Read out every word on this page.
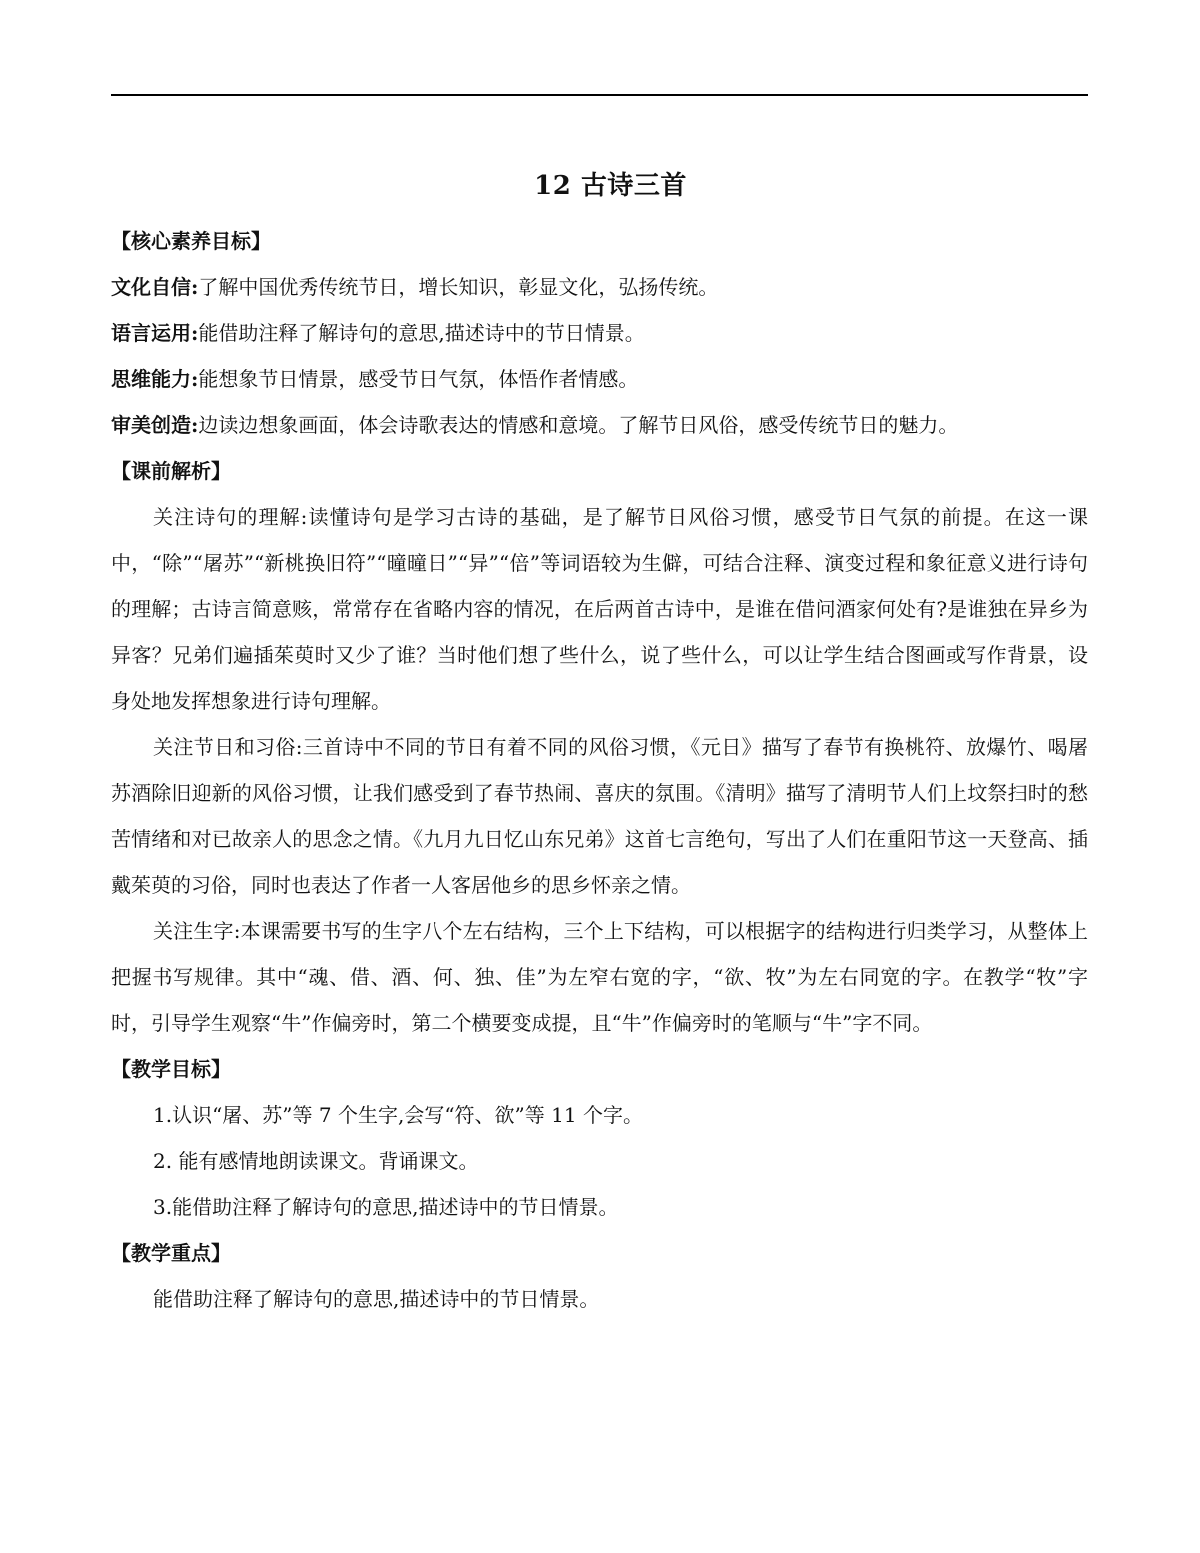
12 古诗三首
【核心素养目标】
文化自信:了解中国优秀传统节日，增长知识，彰显文化，弘扬传统。
语言运用:能借助注释了解诗句的意思,描述诗中的节日情景。
思维能力:能想象节日情景，感受节日气氛，体悟作者情感。
审美创造:边读边想象画面，体会诗歌表达的情感和意境。了解节日风俗，感受传统节日的魅力。
【课前解析】

关注诗句的理解:读懂诗句是学习古诗的基础，是了解节日风俗习惯，感受节日气氛的前提。在这一课中，“除”“屠苏”“新桃换旧符”“曈曈日”“异”“倍”等词语较为生僻，可结合注释、演变过程和象征意义进行诗句的理解；古诗言简意赅，常常存在省略内容的情况，在后两首古诗中，是谁在借问酒家何处有?是谁独在异乡为异客？兄弟们遍插茱萸时又少了谁？当时他们想了些什么，说了些什么，可以让学生结合图画或写作背景，设身处地发挥想象进行诗句理解。

关注节日和习俗:三首诗中不同的节日有着不同的风俗习惯，《元日》描写了春节有换桃符、放爆竹、喝屠苏酒除旧迎新的风俗习惯，让我们感受到了春节热闹、喜庆的氛围。《清明》描写了清明节人们上坟祭扫时的愁苦情绪和对已故亲人的思念之情。《九月九日忆山东兄弟》这首七言绝句，写出了人们在重阳节这一天登高、插戴茱萸的习俗，同时也表达了作者一人客居他乡的思乡怀亲之情。

关注生字:本课需要书写的生字八个左右结构，三个上下结构，可以根据字的结构进行归类学习，从整体上把握书写规律。其中“魂、借、酒、何、独、佳”为左窄右宽的字，“欲、牧”为左右同宽的字。在教学“牧”字时，引导学生观察“牛”作偏旁时，第二个横要变成提，且“牛”作偏旁时的笔顺与“牛”字不同。

【教学目标】
1.认识“屠、苏”等 7 个生字,会写“符、欲”等 11 个字。
2. 能有感情地朗读课文。背诵课文。
3.能借助注释了解诗句的意思,描述诗中的节日情景。
【教学重点】
能借助注释了解诗句的意思,描述诗中的节日情景。
